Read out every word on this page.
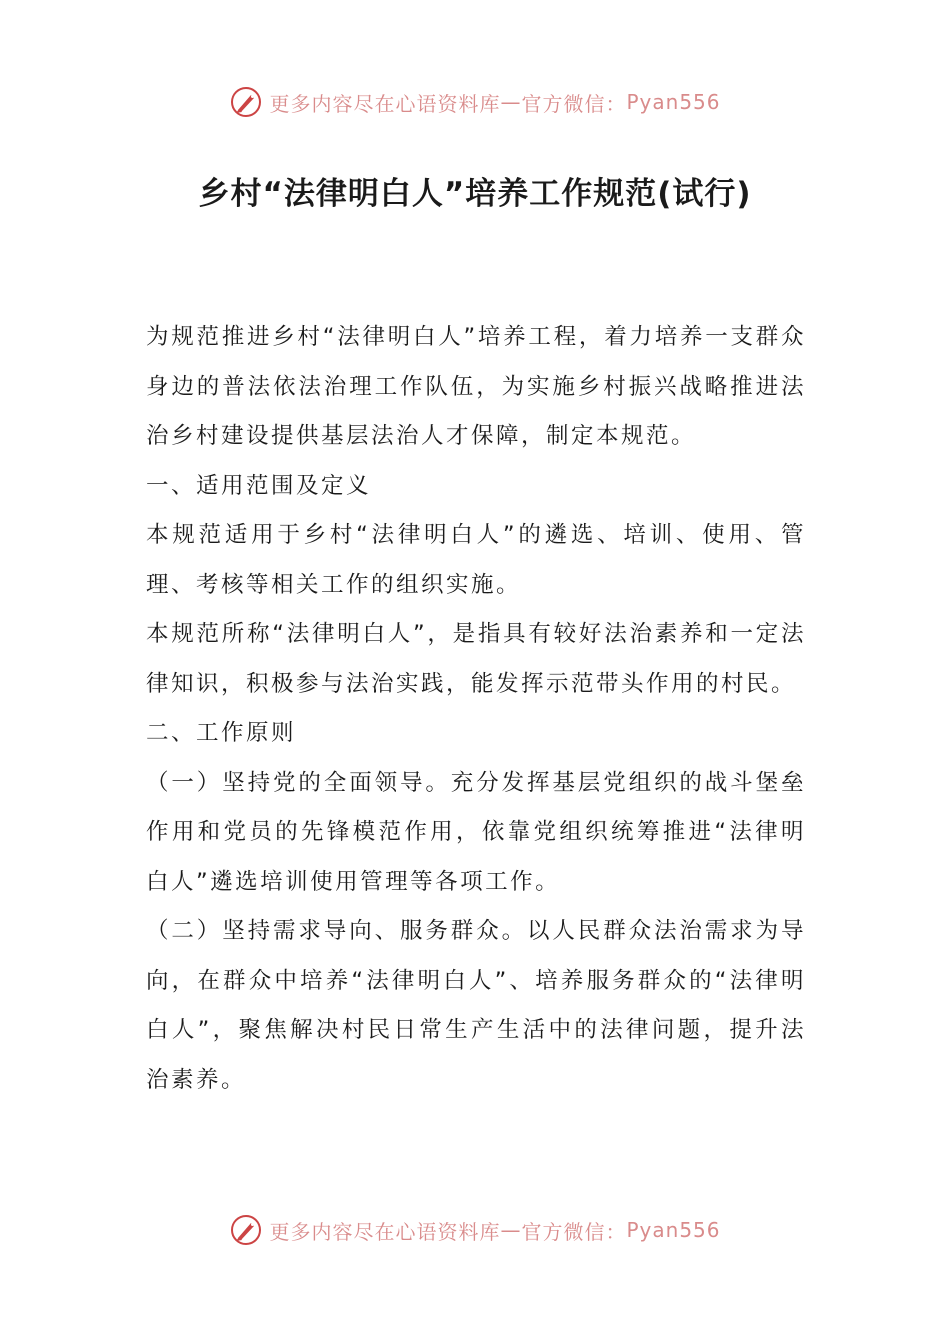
更多内容尽在心语资料库 — 官方微信： Pyan556
乡村“法律明白人”培养工作规范(试行)

为规范推进乡村“法律明白人”培养工程，着力培养一支群众身边的普法依法治理工作队伍，为实施乡村振兴战略推进法治乡村建设提供基层法治人才保障，制定本规范。

一、适用范围及定义

本规范适用于乡村“法律明白人”的遴选、培训、使用、管理、考核等相关工作的组织实施。

本规范所称“法律明白人”，是指具有较好法治素养和一定法律知识，积极参与法治实践，能发挥示范带头作用的村民。

二、工作原则

（一）坚持党的全面领导。充分发挥基层党组织的战斗堡垒作用和党员的先锋模范作用，依靠党组织统筹推进“法律明白人”遴选培训使用管理等各项工作。

（二）坚持需求导向、服务群众。以人民群众法治需求为导向，在群众中培养“法律明白人”、培养服务群众的“法律明白人”，聚焦解决村民日常生产生活中的法律问题，提升法治素养。

更多内容尽在心语资料库 — 官方微信： Pyan556
